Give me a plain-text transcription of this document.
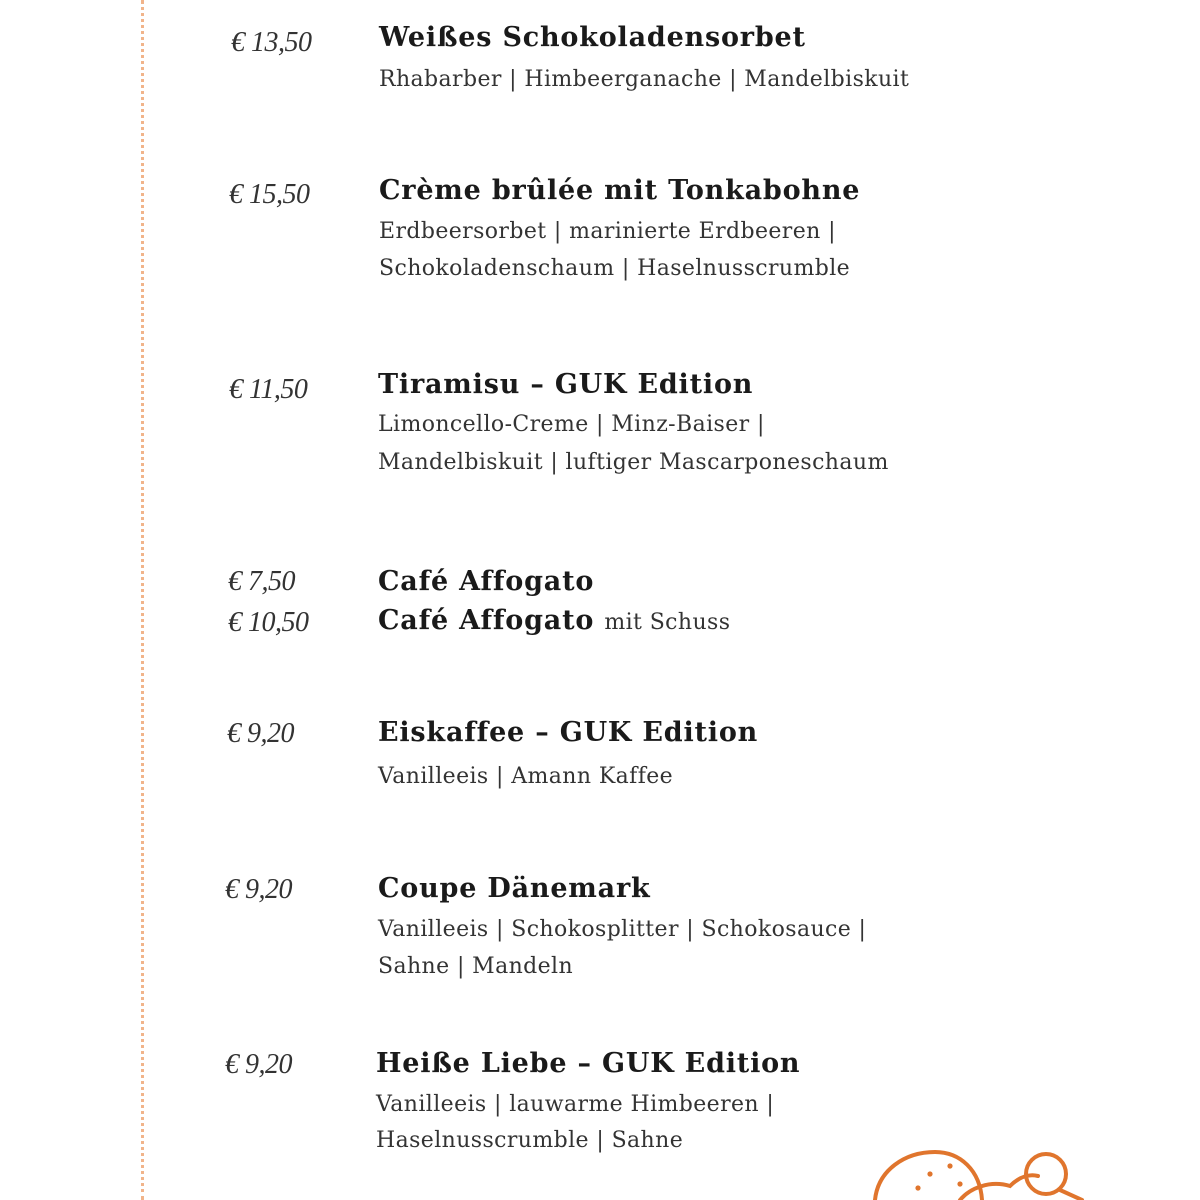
€ 13,50	Weißes Schokoladensorbet
Rhabarber | Himbeerganache | Mandelbiskuit
€ 15,50	Crème brûlée mit Tonkabohne
Erdbeersorbet | marinierte Erdbeeren |
Schokoladenschaum | Haselnusscrumble
€ 11,50	Tiramisu – GUK Edition
Limoncello-Creme | Minz-Baiser |
Mandelbiskuit | luftiger Mascarponeschaum
€ 7,50	Café Affogato
€ 10,50	Café Affogato mit Schuss
€ 9,20	Eiskaffee – GUK Edition
Vanilleeis | Amann Kaffee
€ 9,20	Coupe Dänemark
Vanilleeis | Schokosplitter | Schokosauce |
Sahne | Mandeln
€ 9,20	Heiße Liebe – GUK Edition
Vanilleeis | lauwarme Himbeeren |
Haselnusscrumble | Sahne
